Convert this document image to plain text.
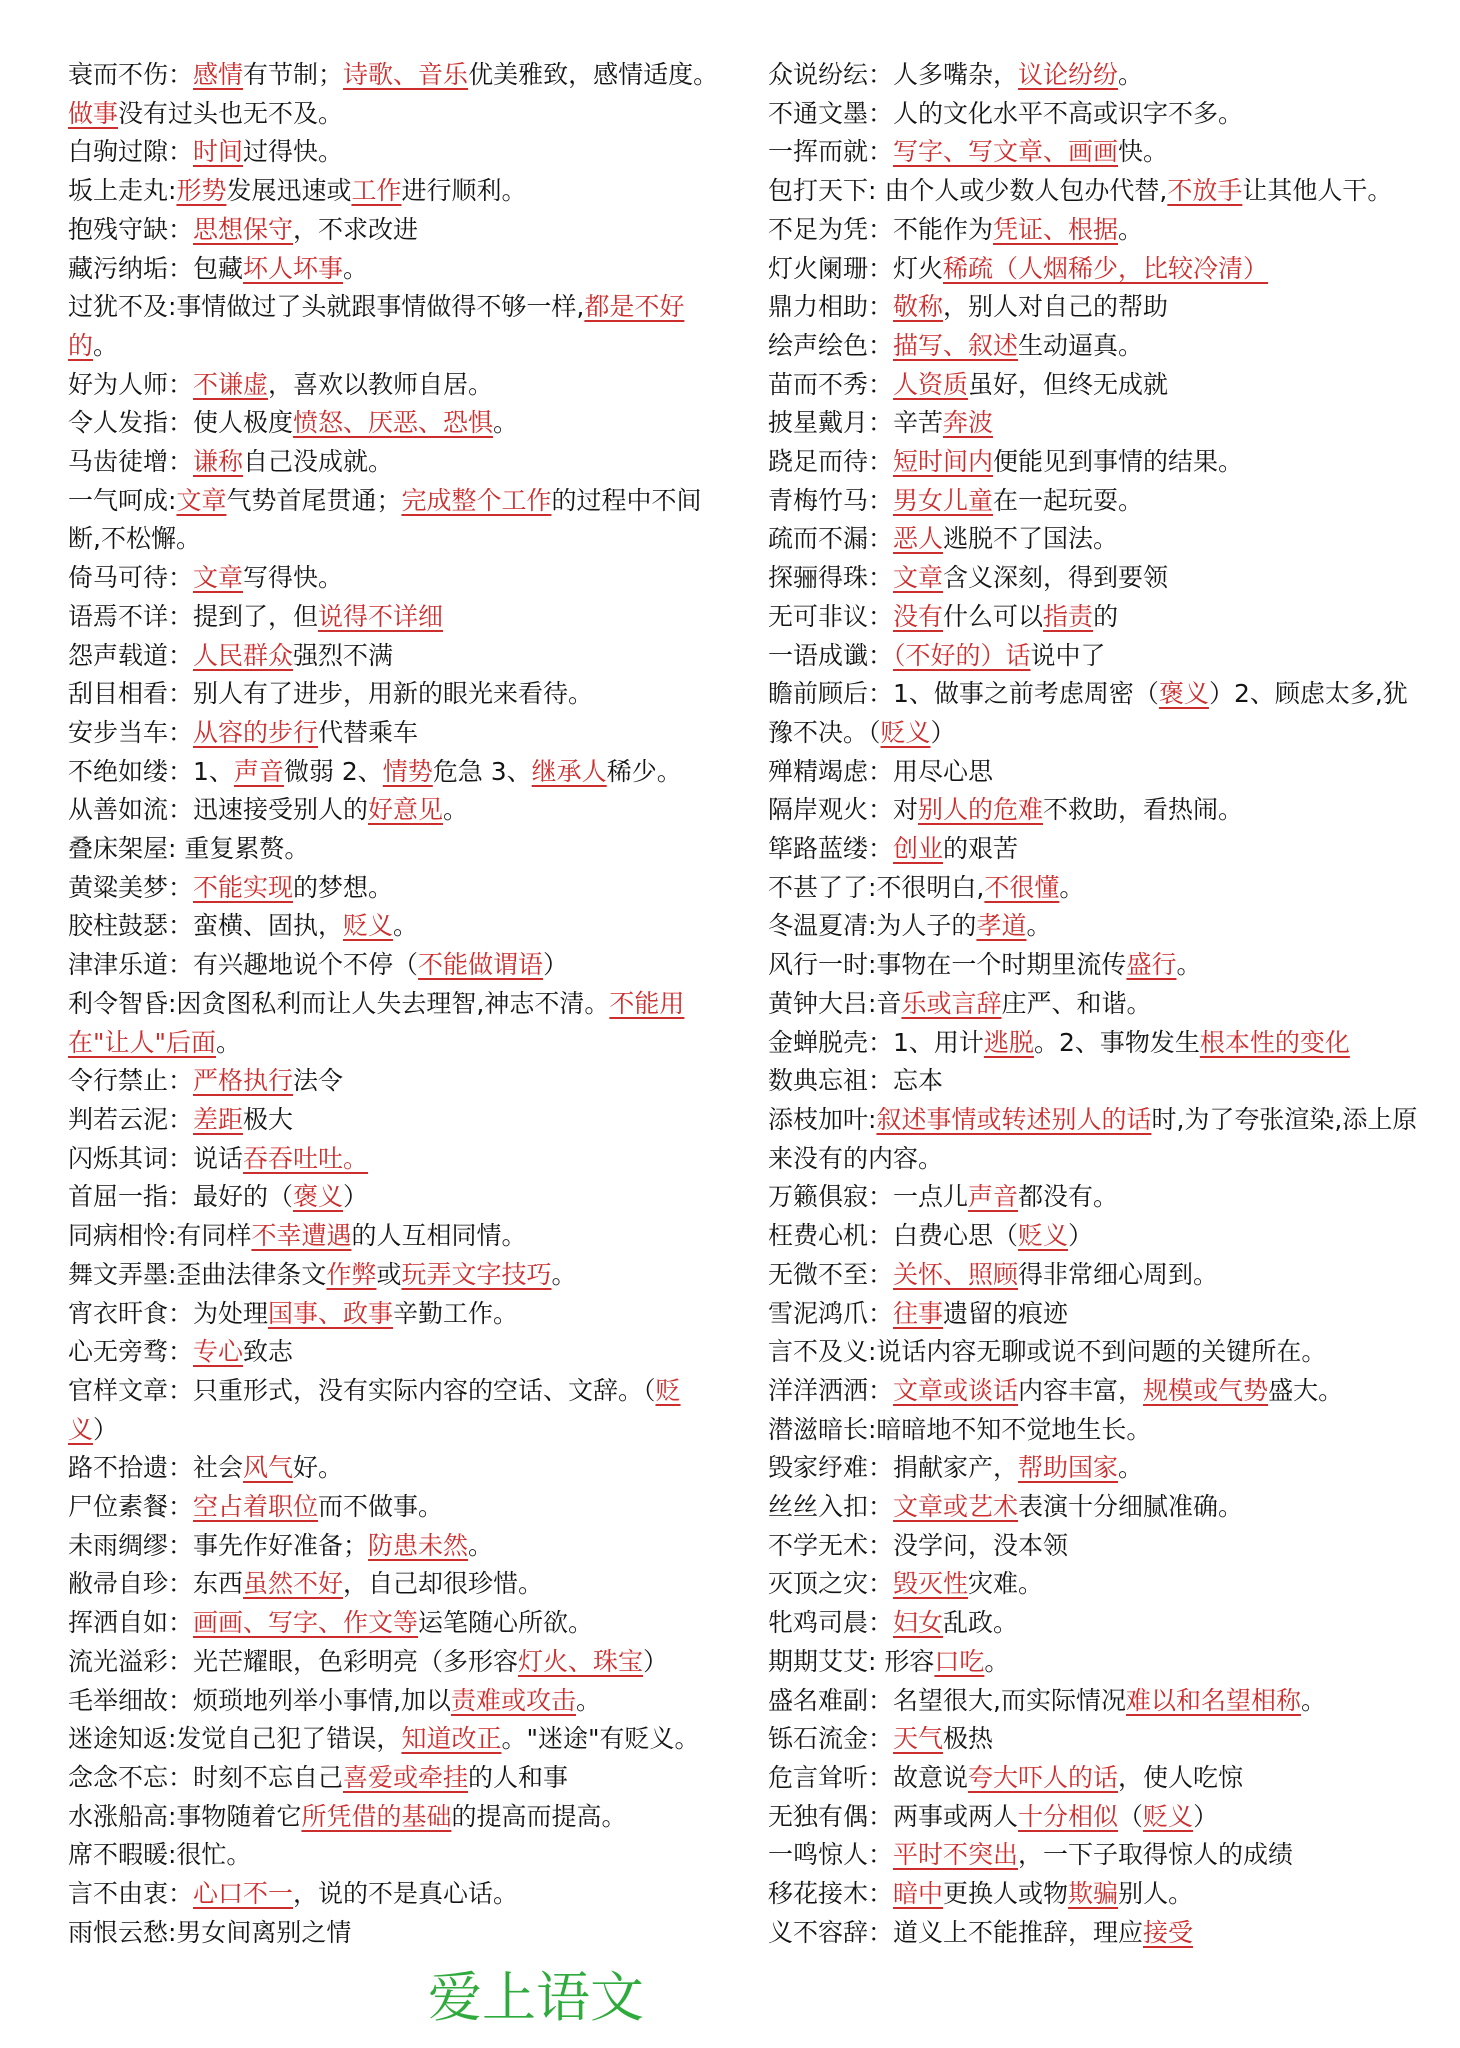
衰而不伤：感情有节制；诗歌、音乐优美雅致，感情适度。做事没有过头也无不及。

白驹过隙：时间过得快。

坂上走丸:形势发展迅速或工作进行顺利。

抱残守缺：思想保守，不求改进

藏污纳垢：包藏坏人坏事。

过犹不及:事情做过了头就跟事情做得不够一样,都是不好的。

好为人师：不谦虚，喜欢以教师自居。

令人发指：使人极度愤怒、厌恶、恐惧。

马齿徒增：谦称自己没成就。

一气呵成:文章气势首尾贯通；完成整个工作的过程中不间断,不松懈。

倚马可待：文章写得快。

语焉不详：提到了，但说得不详细

怨声载道：人民群众强烈不满

刮目相看：别人有了进步，用新的眼光来看待。

安步当车：从容的步行代替乘车

不绝如缕：1、声音微弱 2、情势危急 3、继承人稀少。

从善如流：迅速接受别人的好意见。

叠床架屋: 重复累赘。

黄粱美梦：不能实现的梦想。

胶柱鼓瑟：蛮横、固执，贬义。

津津乐道：有兴趣地说个不停（不能做谓语）

利令智昏:因贪图私利而让人失去理智,神志不清。不能用在"让人"后面。

令行禁止：严格执行法令

判若云泥：差距极大

闪烁其词：说话吞吞吐吐。

首屈一指：最好的（褒义）

同病相怜:有同样不幸遭遇的人互相同情。

舞文弄墨:歪曲法律条文作弊或玩弄文字技巧。

宵衣旰食：为处理国事、政事辛勤工作。

心无旁骛：专心致志

官样文章：只重形式，没有实际内容的空话、文辞。（贬义）

路不拾遗：社会风气好。

尸位素餐：空占着职位而不做事。

未雨绸缪：事先作好准备；防患未然。

敝帚自珍：东西虽然不好，自己却很珍惜。

挥洒自如：画画、写字、作文等运笔随心所欲。

流光溢彩：光芒耀眼，色彩明亮（多形容灯火、珠宝）

毛举细故：烦琐地列举小事情,加以责难或攻击。

迷途知返:发觉自己犯了错误，知道改正。"迷途"有贬义。

念念不忘：时刻不忘自己喜爱或牵挂的人和事

水涨船高:事物随着它所凭借的基础的提高而提高。

席不暇暖:很忙。

言不由衷：心口不一，说的不是真心话。

雨恨云愁:男女间离别之情

众说纷纭：人多嘴杂，议论纷纷。

不通文墨：人的文化水平不高或识字不多。

一挥而就：写字、写文章、画画快。

包打天下: 由个人或少数人包办代替,不放手让其他人干。

不足为凭：不能作为凭证、根据。

灯火阑珊：灯火稀疏（人烟稀少，比较冷清）

鼎力相助：敬称，别人对自己的帮助

绘声绘色：描写、叙述生动逼真。

苗而不秀：人资质虽好，但终无成就

披星戴月：辛苦奔波

跷足而待：短时间内便能见到事情的结果。

青梅竹马：男女儿童在一起玩耍。

疏而不漏：恶人逃脱不了国法。

探骊得珠：文章含义深刻，得到要领

无可非议：没有什么可以指责的

一语成谶：（不好的）话说中了

瞻前顾后：1、做事之前考虑周密（褒义）2、顾虑太多,犹豫不决。（贬义）

殚精竭虑：用尽心思

隔岸观火：对别人的危难不救助，看热闹。

筚路蓝缕：创业的艰苦

不甚了了:不很明白,不很懂。

冬温夏凊:为人子的孝道。

风行一时:事物在一个时期里流传盛行。

黄钟大吕:音乐或言辞庄严、和谐。

金蝉脱壳：1、用计逃脱。2、事物发生根本性的变化

数典忘祖：忘本

添枝加叶:叙述事情或转述别人的话时,为了夸张渲染,添上原来没有的内容。

万籁俱寂：一点儿声音都没有。

枉费心机：白费心思（贬义）

无微不至：关怀、照顾得非常细心周到。

雪泥鸿爪：往事遗留的痕迹

言不及义:说话内容无聊或说不到问题的关键所在。

洋洋洒洒：文章或谈话内容丰富，规模或气势盛大。

潜滋暗长:暗暗地不知不觉地生长。

毁家纾难：捐献家产，帮助国家。

丝丝入扣：文章或艺术表演十分细腻准确。

不学无术：没学问，没本领

灭顶之灾：毁灭性灾难。

牝鸡司晨：妇女乱政。

期期艾艾: 形容口吃。

盛名难副：名望很大,而实际情况难以和名望相称。

铄石流金：天气极热

危言耸听：故意说夸大吓人的话，使人吃惊

无独有偶：两事或两人十分相似（贬义）

一鸣惊人：平时不突出，一下子取得惊人的成绩

移花接木：暗中更换人或物欺骗别人。

义不容辞：道义上不能推辞，理应接受

爱上语文
